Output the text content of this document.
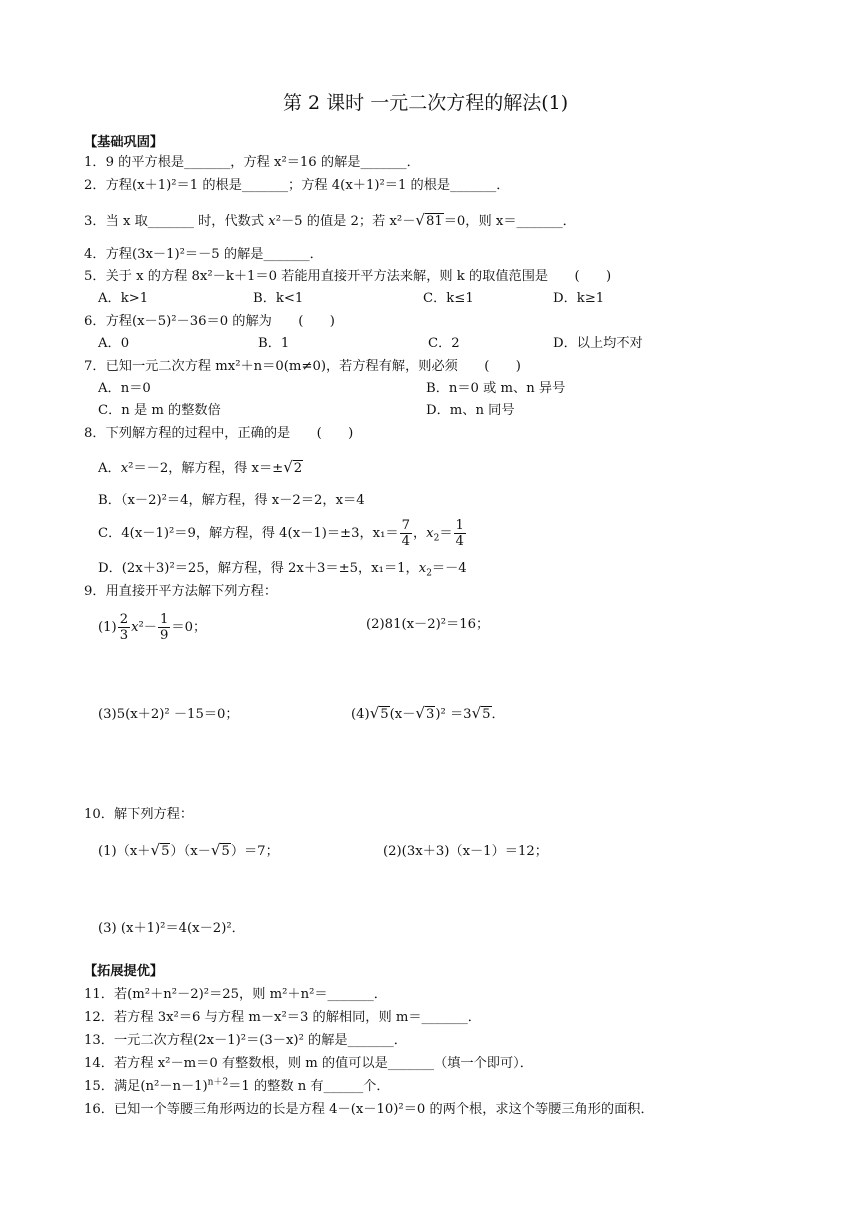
第 2 课时 一元二次方程的解法(1)
【基础巩固】
1．9 的平方根是_______，方程 x²＝16 的解是_______．
2．方程(x＋1)²＝1 的根是_______；方程 4(x＋1)²＝1 的根是_______．
3．当 x 取_______ 时，代数式 x²－5 的值是 2；若 x²－√81＝0，则 x＝_______．
4．方程(3x－1)²＝－5 的解是_______．
5．关于 x 的方程 8x²－k＋1＝0 若能用直接开平方法来解，则 k 的取值范围是　　(　　)
A．k>1	B．k<1	C．k≤1	D．k≥1
6．方程(x－5)²－36＝0 的解为　　(　　)
A．0	B．1	C．2	D．以上均不对
7．已知一元二次方程 mx²＋n＝0(m≠0)，若方程有解，则必须　　(　　)
A．n＝0	B．n＝0 或 m、n 异号
C．n 是 m 的整数倍	D．m、n 同号
8．下列解方程的过程中，正确的是　　(　　)
A．x²＝－2，解方程，得 x＝±√2
B．（x－2)²＝4，解方程，得 x－2＝2，x＝4
C．4(x－1)²＝9，解方程，得 4(x－1)＝±3，$x_1= \frac{7}{4}$ ，$x_2= \frac{1}{4}$
D．(2x＋3)²＝25，解方程，得 2x＋3＝±5，x₁＝1，$x_2=-4$
9．用直接开平方法解下列方程：
$(1) \frac{2}{3} x^2- \frac{1}{9} =0$；	(2)81(x－2)²＝16；
(3)5(x＋2)² －15＝0；	(4)√5(x－√3)² ＝3√5．
10．解下列方程：
(1)（x＋√5）（x－√5）＝7；	(2)(3x＋3)（x－1）＝12；
(3) (x＋1)²＝4(x－2)²．
【拓展提优】
11．若(m²＋n²－2)²＝25，则 m²＋n²＝_______．
12．若方程 3x²＝6 与方程 m－x²＝3 的解相同，则 m＝_______．
13．一元二次方程(2x－1)²＝(3－x)² 的解是_______．
14．若方程 x²－m＝0 有整数根，则 m 的值可以是_______（填一个即可）．
15．满足$(n^2-n-1)^{n+2}=1$ 的整数 n 有______个．
16．已知一个等腰三角形两边的长是方程 4－(x－10)²＝0 的两个根，求这个等腰三角形的面积．
